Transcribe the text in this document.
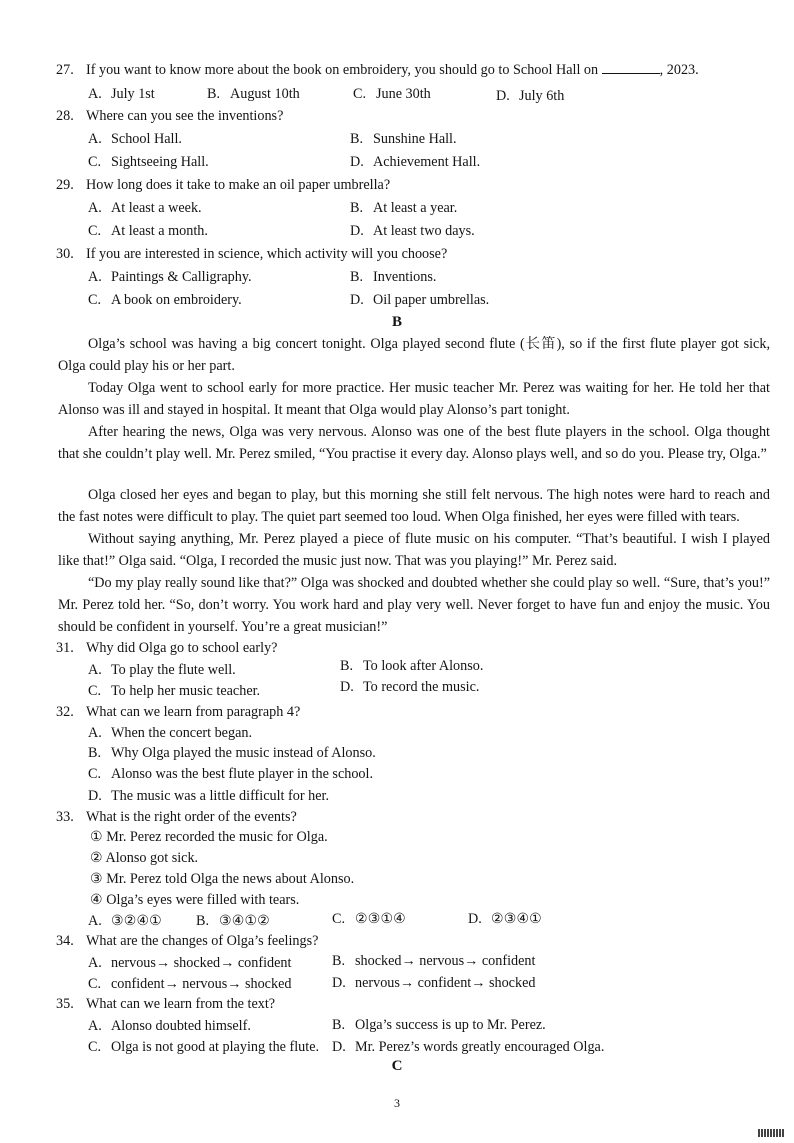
27. If you want to know more about the book on embroidery, you should go to School Hall on	, 2023.
A. July 1st	B. August 10th	C. June 30th	D. July 6th
28. Where can you see the inventions?
A. School Hall.	B. Sunshine Hall.
C. Sightseeing Hall.	D. Achievement Hall.
29. How long does it take to make an oil paper umbrella?
A. At least a week.	B. At least a year.
C. At least a month.	D. At least two days.
30. If you are interested in science, which activity will you choose?
A. Paintings & Calligraphy.	B. Inventions.
C. A book on embroidery.	D. Oil paper umbrellas.
B
Olga’s school was having a big concert tonight. Olga played second flute (长笛), so if the first flute player got sick, Olga could play his or her part.
Today Olga went to school early for more practice. Her music teacher Mr. Perez was waiting for her. He told her that Alonso was ill and stayed in hospital. It meant that Olga would play Alonso’s part tonight.
After hearing the news, Olga was very nervous. Alonso was one of the best flute players in the school. Olga thought that she couldn’t play well. Mr. Perez smiled, “You practise it every day. Alonso plays well, and so do you. Please try, Olga.”
Olga closed her eyes and began to play, but this morning she still felt nervous. The high notes were hard to reach and the fast notes were difficult to play. The quiet part seemed too loud. When Olga finished, her eyes were filled with tears.
Without saying anything, Mr. Perez played a piece of flute music on his computer. “That’s beautiful. I wish I played like that!” Olga said. “Olga, I recorded the music just now. That was you playing!” Mr. Perez said.
“Do my play really sound like that?” Olga was shocked and doubted whether she could play so well. “Sure, that’s you!” Mr. Perez told her. “So, don’t worry. You work hard and play very well. Never forget to have fun and enjoy the music. You should be confident in yourself. You’re a great musician!”
31. Why did Olga go to school early?
A. To play the flute well.	B. To look after Alonso.
C. To help her music teacher.	D. To record the music.
32. What can we learn from paragraph 4?
A. When the concert began.
B. Why Olga played the music instead of Alonso.
C. Alonso was the best flute player in the school.
D. The music was a little difficult for her.
33. What is the right order of the events?
① Mr. Perez recorded the music for Olga.
② Alonso got sick.
③ Mr. Perez told Olga the news about Alonso.
④ Olga’s eyes were filled with tears.
A. ③②④① B. ③④①②	C. ②③①④	D. ②③④①
34. What are the changes of Olga’s feelings?
A. nervous→ shocked→ confident	B. shocked→ nervous→ confident
C. confident→ nervous→ shocked	D. nervous→ confident→ shocked
35. What can we learn from the text?
A. Alonso doubted himself.	B. Olga’s success is up to Mr. Perez.
C. Olga is not good at playing the flute. D. Mr. Perez’s words greatly encouraged Olga.
C
3
